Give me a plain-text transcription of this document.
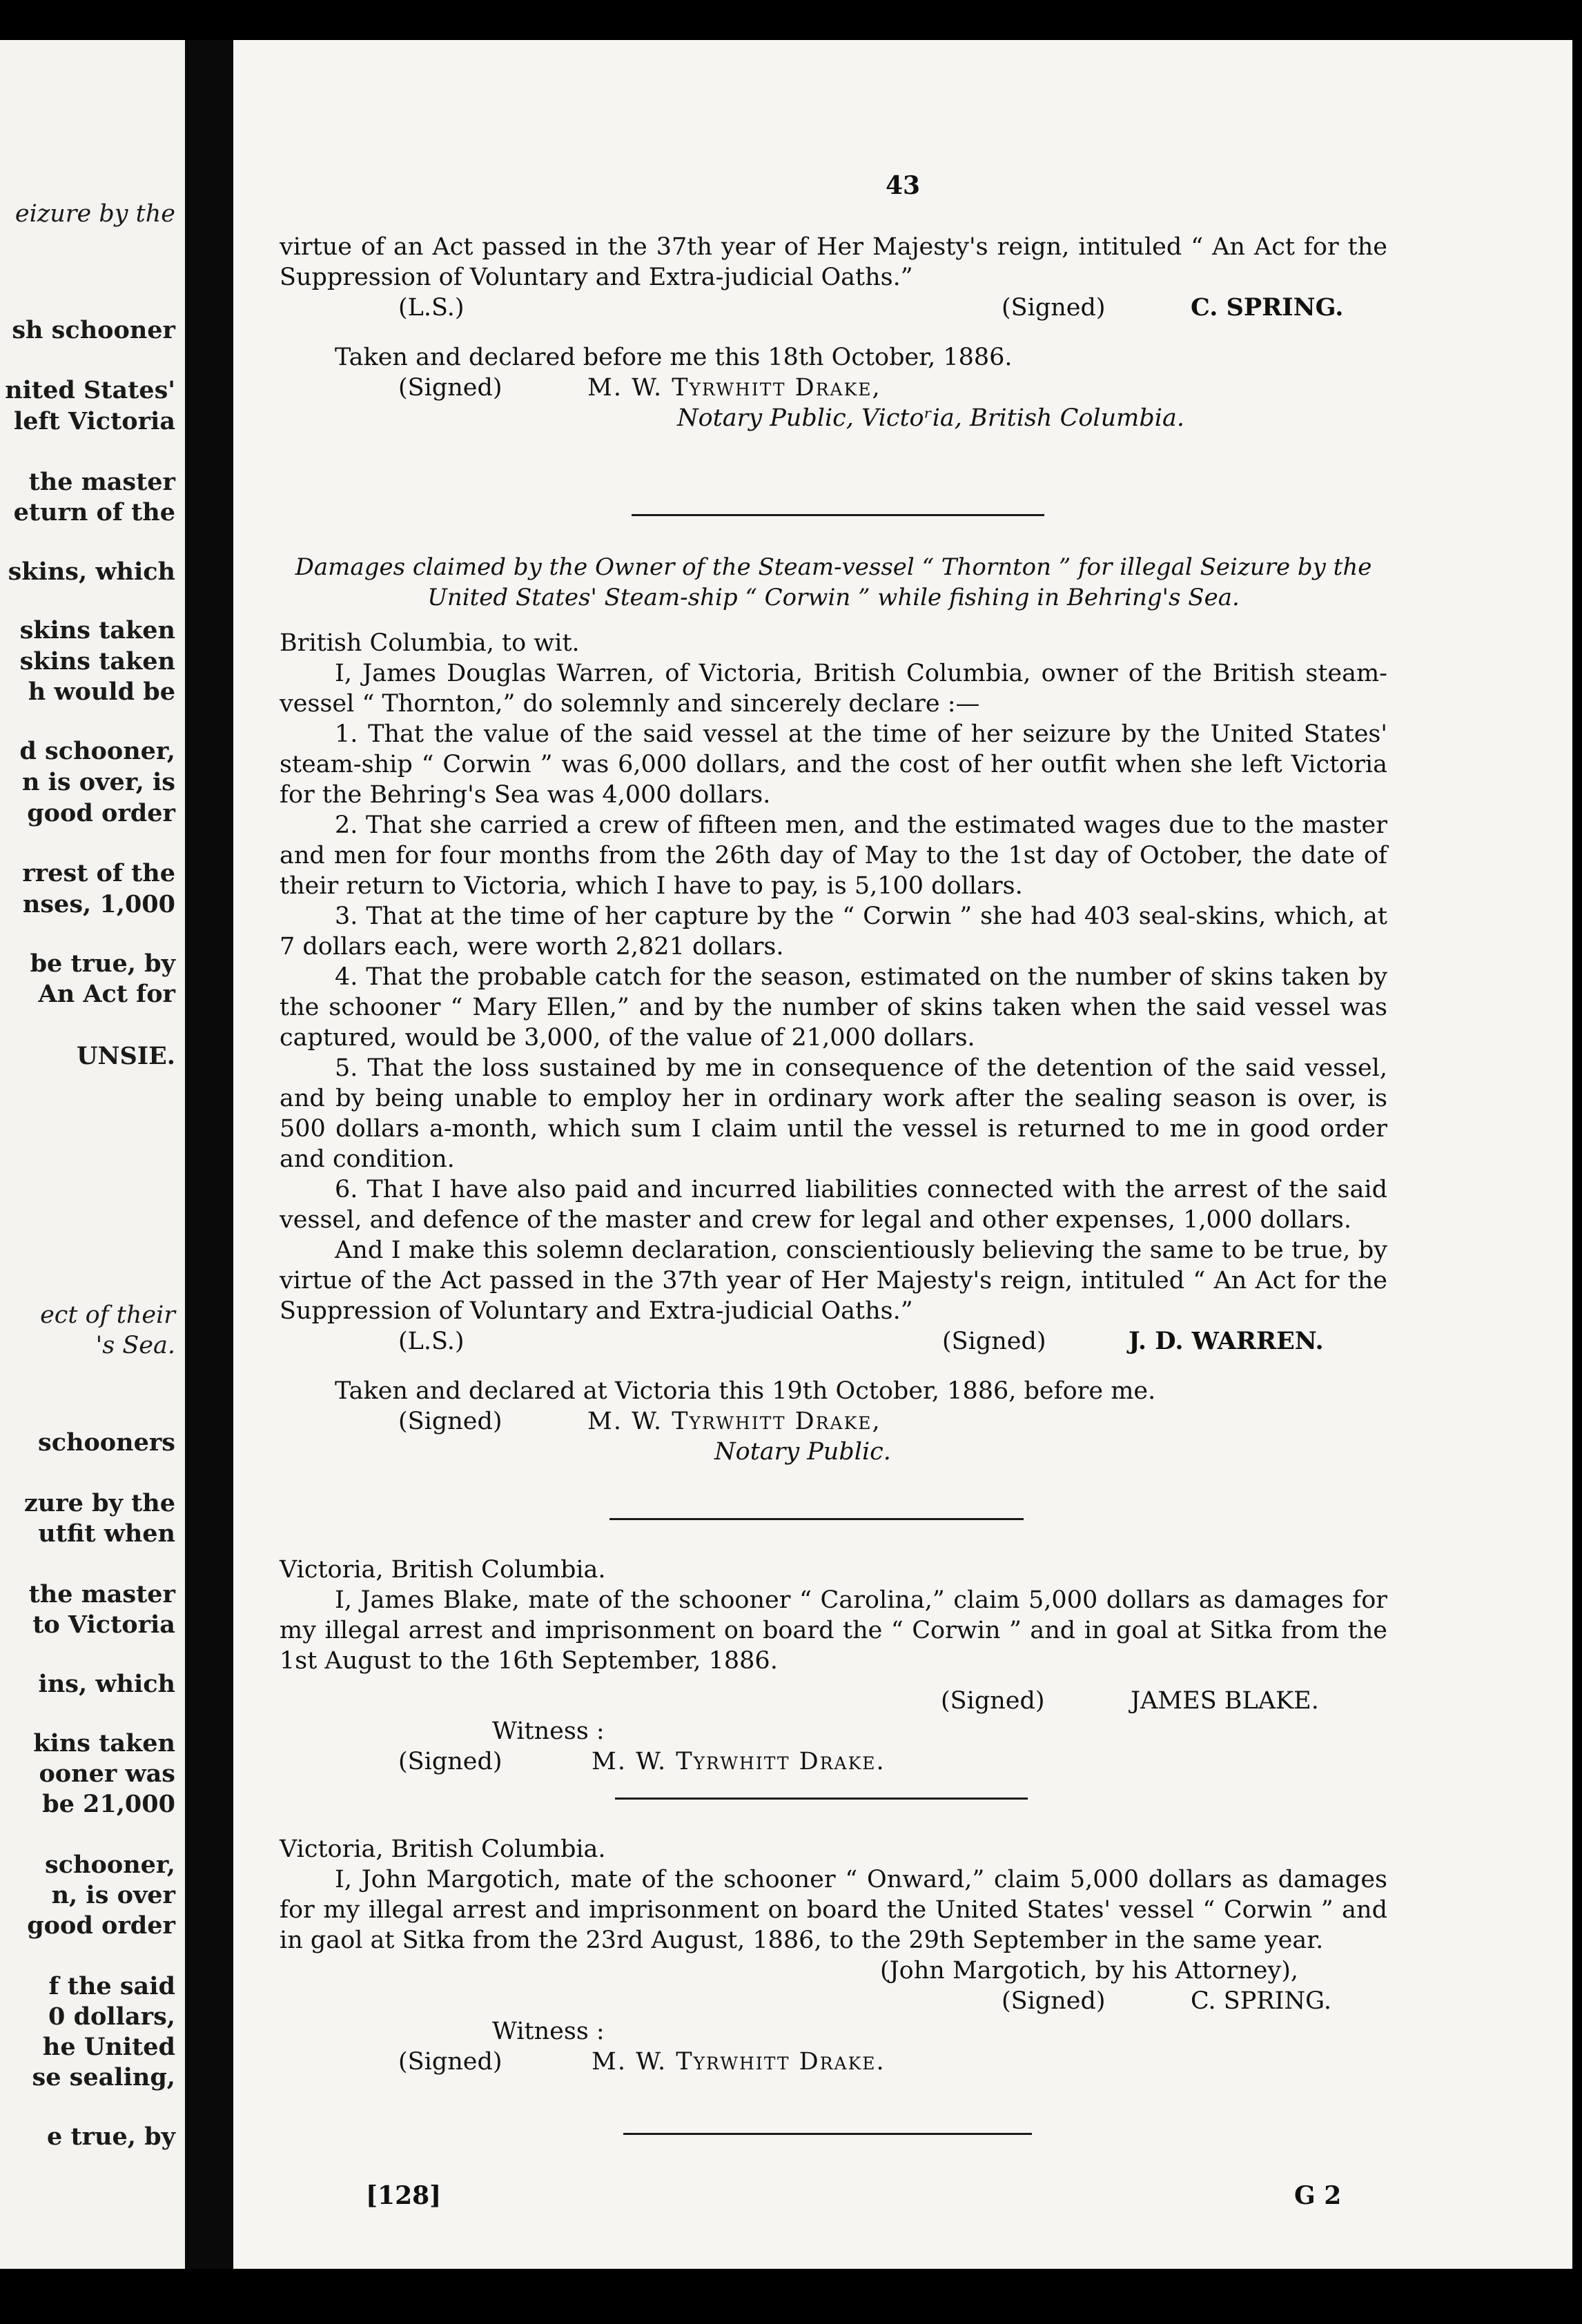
eizure by the
sh schooner
nited States'
left Victoria
the master
eturn of the
skins, which
skins taken
skins taken
h would be
d schooner,
n is over, is
good order
rrest of the
nses, 1,000
be true, by
An Act for
UNSIE.
ect of their
's Sea.
schooners
zure by the
utfit when
the master
to Victoria
ins, which
kins taken
ooner was
be 21,000
schooner,
n, is over
good order
f the said
0 dollars,
he United
se sealing,
e true, by
43

virtue of an Act passed in the 37th year of Her Majesty's reign, intituled “ An Act for the Suppression of Voluntary and Extra-judicial Oaths.”

(L.S.)	(Signed)	C. SPRING.
Taken and declared before me this 18th October, 1886.
(Signed)	M. W. Tyrwhitt Drake,
Notary Public, Victoʳia, British Columbia.

Damages claimed by the Owner of the Steam-vessel “ Thornton ” for illegal Seizure by the

United States' Steam-ship “ Corwin ” while fishing in Behring's Sea.

British Columbia, to wit.

I, James Douglas Warren, of Victoria, British Columbia, owner of the British steam-vessel “ Thornton,” do solemnly and sincerely declare :—

1. That the value of the said vessel at the time of her seizure by the United States' steam-ship “ Corwin ” was 6,000 dollars, and the cost of her outfit when she left Victoria for the Behring's Sea was 4,000 dollars.

2. That she carried a crew of fifteen men, and the estimated wages due to the master and men for four months from the 26th day of May to the 1st day of October, the date of their return to Victoria, which I have to pay, is 5,100 dollars.

3. That at the time of her capture by the “ Corwin ” she had 403 seal-skins, which, at 7 dollars each, were worth 2,821 dollars.

4. That the probable catch for the season, estimated on the number of skins taken by the schooner “ Mary Ellen,” and by the number of skins taken when the said vessel was captured, would be 3,000, of the value of 21,000 dollars.

5. That the loss sustained by me in consequence of the detention of the said vessel, and by being unable to employ her in ordinary work after the sealing season is over, is 500 dollars a-month, which sum I claim until the vessel is returned to me in good order and condition.

6. That I have also paid and incurred liabilities connected with the arrest of the said vessel, and defence of the master and crew for legal and other expenses, 1,000 dollars.

And I make this solemn declaration, conscientiously believing the same to be true, by virtue of the Act passed in the 37th year of Her Majesty's reign, intituled “ An Act for the Suppression of Voluntary and Extra-judicial Oaths.”

(L.S.)	(Signed)	J. D. WARREN.
Taken and declared at Victoria this 19th October, 1886, before me.
(Signed)	M. W. Tyrwhitt Drake,
Notary Public.

Victoria, British Columbia.

I, James Blake, mate of the schooner “ Carolina,” claim 5,000 dollars as damages for my illegal arrest and imprisonment on board the “ Corwin ” and in goal at Sitka from the 1st August to the 16th September, 1886.

(Signed)	JAMES BLAKE.
Witness :
(Signed)	M. W. Tyrwhitt Drake.

Victoria, British Columbia.

I, John Margotich, mate of the schooner “ Onward,” claim 5,000 dollars as damages for my illegal arrest and imprisonment on board the United States' vessel “ Corwin ” and in gaol at Sitka from the 23rd August, 1886, to the 29th September in the same year.

(John Margotich, by his Attorney),
(Signed)	C. SPRING.
Witness :
(Signed)	M. W. Tyrwhitt Drake.
[128]	G 2
